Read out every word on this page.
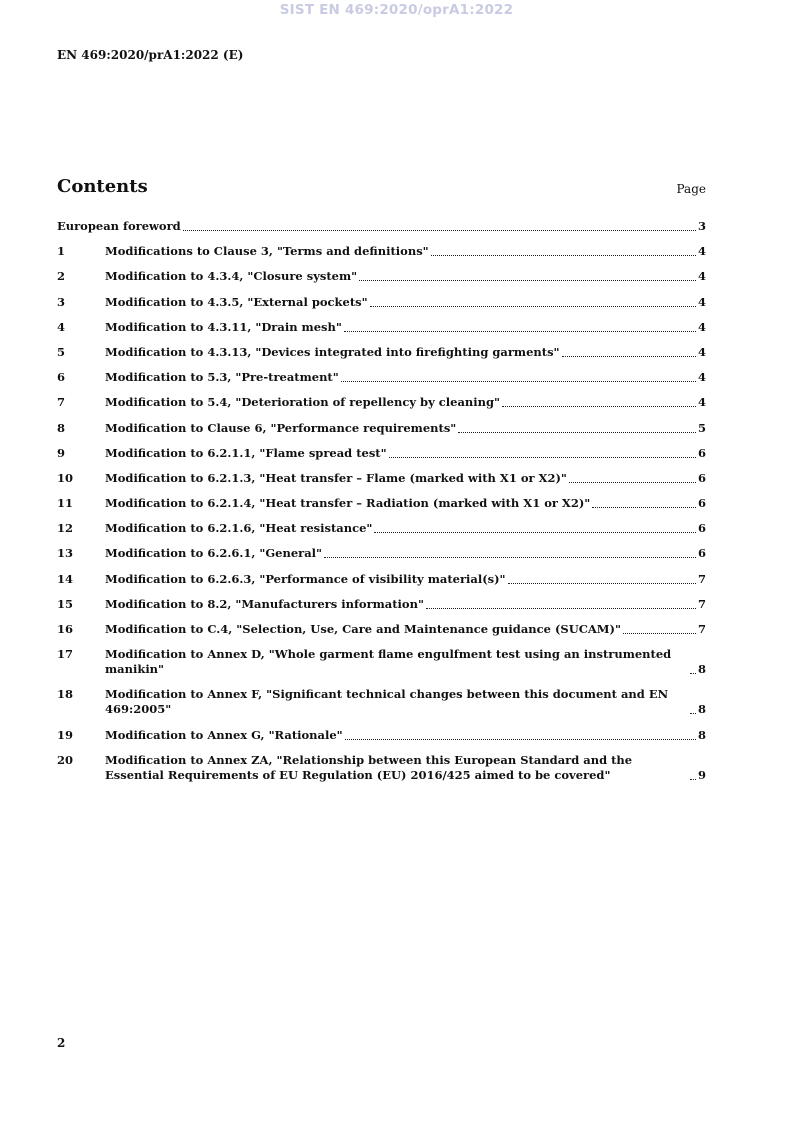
SIST EN 469:2020/oprA1:2022
EN 469:2020/prA1:2022 (E)
Contents	Page
European foreword	3
1	Modifications to Clause 3, "Terms and definitions"	4
2	Modification to 4.3.4, "Closure system"	4
3	Modification to 4.3.5, "External pockets"	4
4	Modification to 4.3.11, "Drain mesh"	4
5	Modification to 4.3.13, "Devices integrated into firefighting garments"	4
6	Modification to 5.3, "Pre-treatment"	4
7	Modification to 5.4, "Deterioration of repellency by cleaning"	4
8	Modification to Clause 6, "Performance requirements"	5
9	Modification to 6.2.1.1, "Flame spread test"	6
10	Modification to 6.2.1.3, "Heat transfer – Flame (marked with X1 or X2)"	6
11	Modification to 6.2.1.4, "Heat transfer – Radiation (marked with X1 or X2)"	6
12	Modification to 6.2.1.6, "Heat resistance"	6
13	Modification to 6.2.6.1, "General"	6
14	Modification to 6.2.6.3, "Performance of visibility material(s)"	7
15	Modification to 8.2, "Manufacturers information"	7
16	Modification to C.4, "Selection, Use, Care and Maintenance guidance (SUCAM)"	7
17	Modification to Annex D, "Whole garment flame engulfment test using an instrumented manikin"	8
18	Modification to Annex F, "Significant technical changes between this document and EN 469:2005"	8
19	Modification to Annex G, "Rationale"	8
20	Modification to Annex ZA, "Relationship between this European Standard and the Essential Requirements of EU Regulation (EU) 2016/425 aimed to be covered"	9
2
